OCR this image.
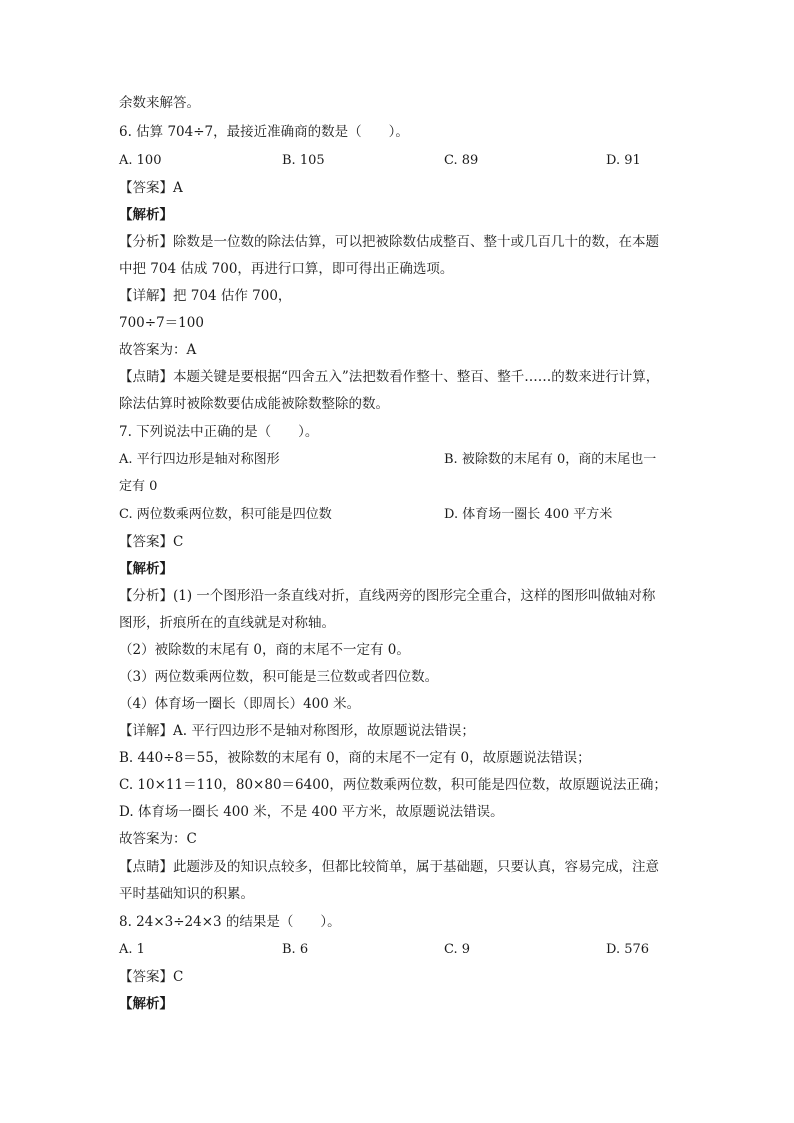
余数来解答。
6. 估算 704÷7，最接近准确商的数是（　　）。
A. 100	B. 105	C. 89	D. 91
【答案】A
【解析】
【分析】除数是一位数的除法估算，可以把被除数估成整百、整十或几百几十的数，在本题
中把 704 估成 700，再进行口算，即可得出正确选项。
【详解】把 704 估作 700，
700÷7＝100
故答案为：A
【点睛】本题关键是要根据“四舍五入”法把数看作整十、整百、整千……的数来进行计算，
除法估算时被除数要估成能被除数整除的数。
7. 下列说法中正确的是（　　）。
A. 平行四边形是轴对称图形	B. 被除数的末尾有 0，商的末尾也一
定有 0
C. 两位数乘两位数，积可能是四位数	D. 体育场一圈长 400 平方米
【答案】C
【解析】
【分析】(1) 一个图形沿一条直线对折，直线两旁的图形完全重合，这样的图形叫做轴对称
图形，折痕所在的直线就是对称轴。
（2）被除数的末尾有 0，商的末尾不一定有 0。
（3）两位数乘两位数，积可能是三位数或者四位数。
（4）体育场一圈长（即周长）400 米。
【详解】A. 平行四边形不是轴对称图形，故原题说法错误；
B. 440÷8＝55，被除数的末尾有 0，商的末尾不一定有 0，故原题说法错误；
C. 10×11＝110，80×80＝6400，两位数乘两位数，积可能是四位数，故原题说法正确；
D. 体育场一圈长 400 米，不是 400 平方米，故原题说法错误。
故答案为：C
【点睛】此题涉及的知识点较多，但都比较简单，属于基础题，只要认真，容易完成，注意
平时基础知识的积累。
8. 24×3÷24×3 的结果是（　　）。
A. 1	B. 6	C. 9	D. 576
【答案】C
【解析】
